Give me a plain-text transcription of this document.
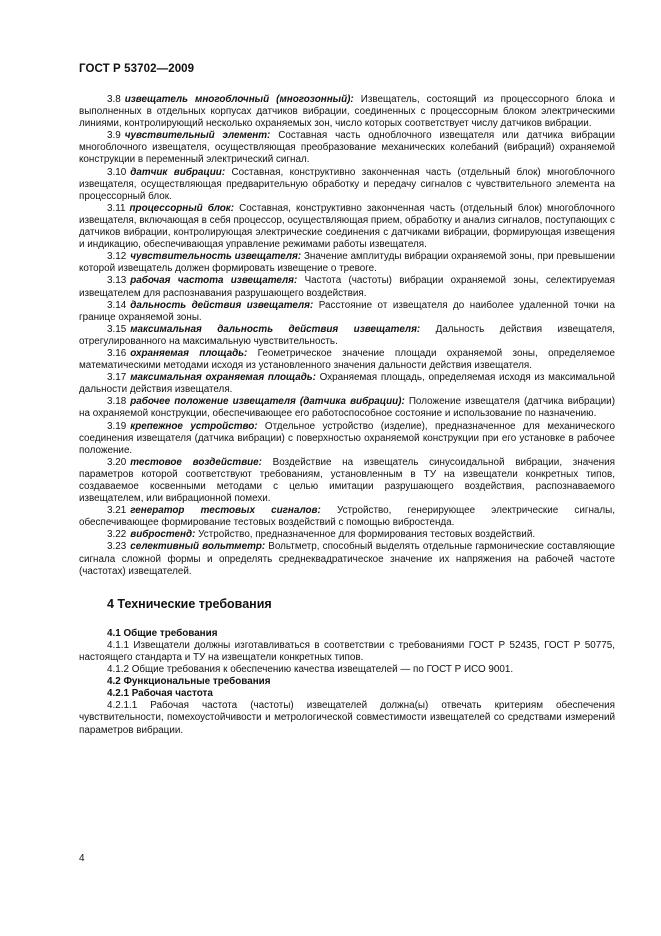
ГОСТ Р 53702—2009

3.8 извещатель многоблочный (многозонный): Извещатель, состоящий из процессорного блока и выполненных в отдельных корпусах датчиков вибрации, соединенных с процессорным блоком электрическими линиями, контролирующий несколько охраняемых зон, число которых соответствует числу датчиков вибрации.

3.9 чувствительный элемент: Составная часть одноблочного извещателя или датчика вибрации многоблочного извещателя, осуществляющая преобразование механических колебаний (вибраций) охраняемой конструкции в переменный электрический сигнал.

3.10 датчик вибрации: Составная, конструктивно законченная часть (отдельный блок) многоблочного извещателя, осуществляющая предварительную обработку и передачу сигналов с чувствительного элемента на процессорный блок.

3.11 процессорный блок: Составная, конструктивно законченная часть (отдельный блок) многоблочного извещателя, включающая в себя процессор, осуществляющая прием, обработку и анализ сигналов, поступающих с датчиков вибрации, контролирующая электрические соединения с датчиками вибрации, формирующая извещения и индикацию, обеспечивающая управление режимами работы извещателя.

3.12 чувствительность извещателя: Значение амплитуды вибрации охраняемой зоны, при превышении которой извещатель должен формировать извещение о тревоге.

3.13 рабочая частота извещателя: Частота (частоты) вибрации охраняемой зоны, селектируемая извещателем для распознавания разрушающего воздействия.

3.14 дальность действия извещателя: Расстояние от извещателя до наиболее удаленной точки на границе охраняемой зоны.

3.15 максимальная дальность действия извещателя: Дальность действия извещателя, отрегулированного на максимальную чувствительность.

3.16 охраняемая площадь: Геометрическое значение площади охраняемой зоны, определяемое математическими методами исходя из установленного значения дальности действия извещателя.

3.17 максимальная охраняемая площадь: Охраняемая площадь, определяемая исходя из максимальной дальности действия извещателя.

3.18 рабочее положение извещателя (датчика вибрации): Положение извещателя (датчика вибрации) на охраняемой конструкции, обеспечивающее его работоспособное состояние и использование по назначению.

3.19 крепежное устройство: Отдельное устройство (изделие), предназначенное для механического соединения извещателя (датчика вибрации) с поверхностью охраняемой конструкции при его установке в рабочее положение.

3.20 тестовое воздействие: Воздействие на извещатель синусоидальной вибрации, значения параметров которой соответствуют требованиям, установленным в ТУ на извещатели конкретных типов, создаваемое косвенными методами с целью имитации разрушающего воздействия, распознаваемого извещателем, или вибрационной помехи.

3.21 генератор тестовых сигналов: Устройство, генерирующее электрические сигналы, обеспечивающее формирование тестовых воздействий с помощью вибростенда.

3.22 вибростенд: Устройство, предназначенное для формирования тестовых воздействий.

3.23 селективный вольтметр: Вольтметр, способный выделять отдельные гармонические составляющие сигнала сложной формы и определять среднеквадратическое значение их напряжения на рабочей частоте (частотах) извещателей.

4 Технические требования

4.1 Общие требования

4.1.1 Извещатели должны изготавливаться в соответствии с требованиями ГОСТ Р 52435, ГОСТ Р 50775, настоящего стандарта и ТУ на извещатели конкретных типов.

4.1.2 Общие требования к обеспечению качества извещателей — по ГОСТ Р ИСО 9001.

4.2 Функциональные требования

4.2.1 Рабочая частота

4.2.1.1 Рабочая частота (частоты) извещателей должна(ы) отвечать критериям обеспечения чувствительности, помехоустойчивости и метрологической совместимости извещателей со средствами измерений параметров вибрации.

4
